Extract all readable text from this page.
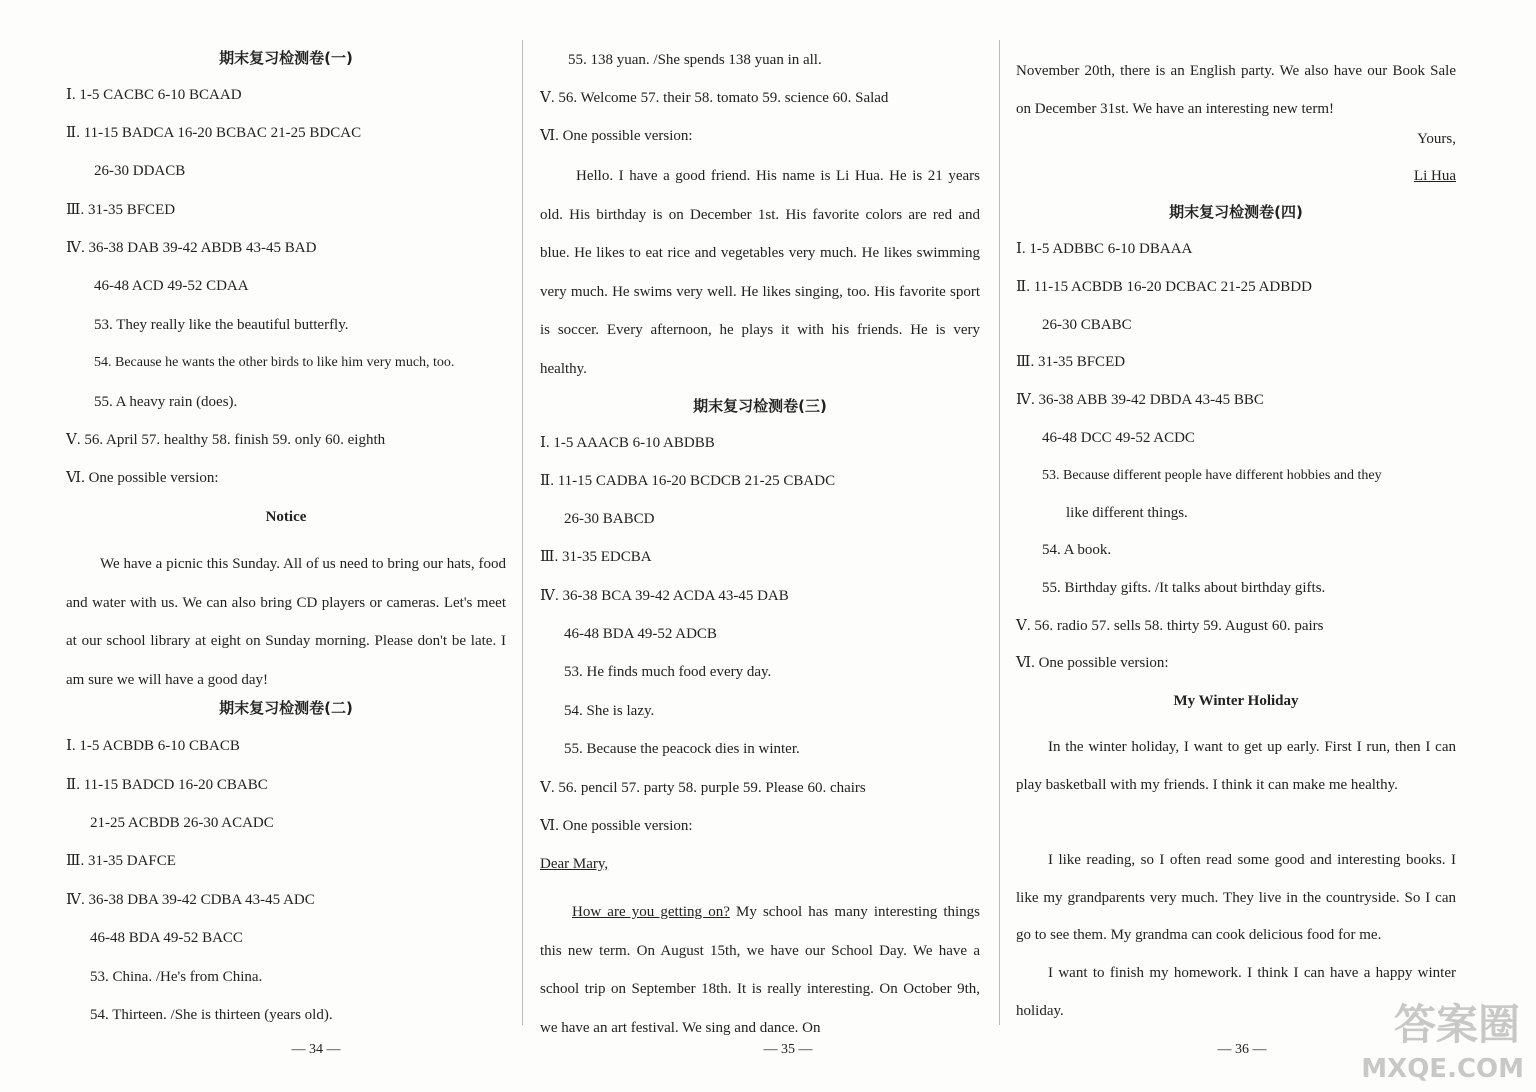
期末复习检测卷(一)
Ⅰ. 1-5 CACBC 6-10 BCAAD
Ⅱ. 11-15 BADCA 16-20 BCBAC 21-25 BDCAC
26-30 DDACB
Ⅲ. 31-35 BFCED
Ⅳ. 36-38 DAB 39-42 ABDB 43-45 BAD
46-48 ACD 49-52 CDAA
53. They really like the beautiful butterfly.
54. Because he wants the other birds to like him very much, too.
55. A heavy rain (does).
Ⅴ. 56. April 57. healthy 58. finish 59. only 60. eighth
Ⅵ. One possible version:
Notice
We have a picnic this Sunday. All of us need to bring our hats, food and water with us. We can also bring CD players or cameras. Let's meet at our school library at eight on Sunday morning. Please don't be late. I am sure we will have a good day!
期末复习检测卷(二)
Ⅰ. 1-5 ACBDB 6-10 CBACB
Ⅱ. 11-15 BADCD 16-20 CBABC
21-25 ACBDB 26-30 ACADC
Ⅲ. 31-35 DAFCE
Ⅳ. 36-38 DBA 39-42 CDBA 43-45 ADC
46-48 BDA 49-52 BACC
53. China. /He's from China.
54. Thirteen. /She is thirteen (years old).
— 34 —
55. 138 yuan. /She spends 138 yuan in all.
Ⅴ. 56. Welcome 57. their 58. tomato 59. science 60. Salad
Ⅵ. One possible version:
Hello. I have a good friend. His name is Li Hua. He is 21 years old. His birthday is on December 1st. His favorite colors are red and blue. He likes to eat rice and vegetables very much. He likes swimming very much. He swims very well. He likes singing, too. His favorite sport is soccer. Every afternoon, he plays it with his friends. He is very healthy.
期末复习检测卷(三)
Ⅰ. 1-5 AAACB 6-10 ABDBB
Ⅱ. 11-15 CADBA 16-20 BCDCB 21-25 CBADC
26-30 BABCD
Ⅲ. 31-35 EDCBA
Ⅳ. 36-38 BCA 39-42 ACDA 43-45 DAB
46-48 BDA 49-52 ADCB
53. He finds much food every day.
54. She is lazy.
55. Because the peacock dies in winter.
Ⅴ. 56. pencil 57. party 58. purple 59. Please 60. chairs
Ⅵ. One possible version:
Dear Mary,
How are you getting on? My school has many interesting things this new term. On August 15th, we have our School Day. We have a school trip on September 18th. It is really interesting. On October 9th, we have an art festival. We sing and dance. On
— 35 —
November 20th, there is an English party. We also have our Book Sale on December 31st. We have an interesting new term!
Yours,
Li Hua
期末复习检测卷(四)
Ⅰ. 1-5 ADBBC 6-10 DBAAA
Ⅱ. 11-15 ACBDB 16-20 DCBAC 21-25 ADBDD
26-30 CBABC
Ⅲ. 31-35 BFCED
Ⅳ. 36-38 ABB 39-42 DBDA 43-45 BBC
46-48 DCC 49-52 ACDC
53. Because different people have different hobbies and they
like different things.
54. A book.
55. Birthday gifts. /It talks about birthday gifts.
Ⅴ. 56. radio 57. sells 58. thirty 59. August 60. pairs
Ⅵ. One possible version:
My Winter Holiday
In the winter holiday, I want to get up early. First I run, then I can play basketball with my friends. I think it can make me healthy.
I like reading, so I often read some good and interesting books. I like my grandparents very much. They live in the countryside. So I can go to see them. My grandma can cook delicious food for me.
I want to finish my homework. I think I can have a happy winter holiday.
— 36 —
答案圈
MXQE.COM
